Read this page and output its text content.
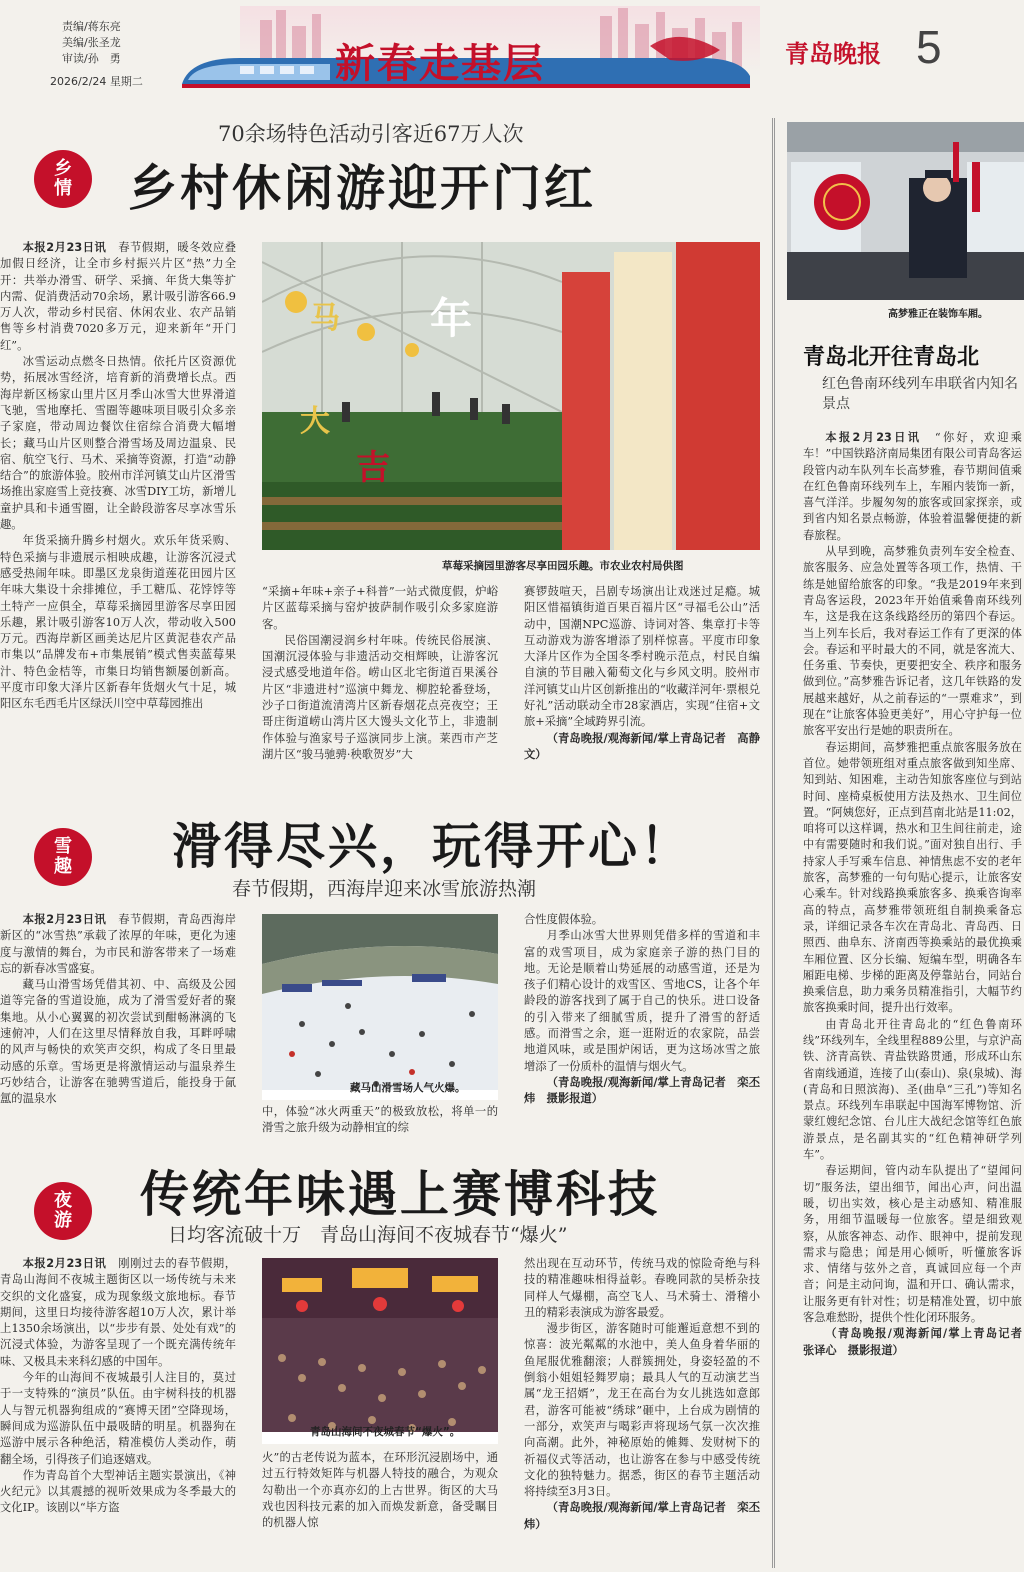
责编/蒋东亮
美编/张圣龙
审读/孙　勇
2026/2/24 星期二	新春走基层	青岛晚报 5
70余场特色活动引客近67万人次
乡
情	乡村休闲游迎开门红

本报2月23日讯　 春节假期，暖冬效应叠加假日经济，让全市乡村振兴片区“热”力全开：共举办滑雪、研学、采摘、年货大集等扩内需、促消费活动70余场，累计吸引游客66.9万人次，带动乡村民宿、休闲农业、农产品销售等乡村消费7020多万元，迎来新年“开门红”。

冰雪运动点燃冬日热情。依托片区资源优势，拓展冰雪经济，培育新的消费增长点。西海岸新区杨家山里片区月季山冰雪大世界滑道飞驰，雪地摩托、雪圈等趣味项目吸引众多亲子家庭，带动周边餐饮住宿综合消费大幅增长；藏马山片区则整合滑雪场及周边温泉、民宿、航空飞行、马术、采摘等资源，打造“动静结合”的旅游体验。胶州市洋河镇艾山片区滑雪场推出家庭雪上竞技赛、冰雪DIY工坊，新增儿童护具和卡通雪圈，让全龄段游客尽享冰雪乐趣。

年货采摘升腾乡村烟火。欢乐年货采购、特色采摘与非遗展示相映成趣，让游客沉浸式感受热闹年味。即墨区龙泉街道莲花田园片区年味大集设十余排摊位，手工糖瓜、花饽饽等土特产一应俱全，草莓采摘园里游客尽享田园乐趣，累计吸引游客10万人次，带动收入500万元。西海岸新区画美达尼片区黄泥巷农产品市集以“品牌发布+市集展销”模式售卖蓝莓果汁、特色金桔等，市集日均销售额屡创新高。平度市印象大泽片区新春年货烟火气十足，城阳区东毛西毛片区绿沃川空中草莓园推出

马 年
大
吉
草莓采摘园里游客尽享田园乐趣。市农业农村局供图

“采摘+年味+亲子+科普”一站式微度假，炉峪片区蓝莓采摘与窑炉披萨制作吸引众多家庭游客。

民俗国潮浸润乡村年味。传统民俗展演、国潮沉浸体验与非遗活动交相辉映，让游客沉浸式感受地道年俗。崂山区北宅街道百果溪谷片区“非遗进村”巡演中舞龙、柳腔轮番登场，沙子口街道流清湾片区新春烟花点亮夜空；王哥庄街道崂山湾片区大馒头文化节上，非遗制作体验与渔家号子巡演同步上演。莱西市产芝湖片区“骏马驰骋·秧歌贺岁”大

赛锣鼓喧天，吕剧专场演出让戏迷过足瘾。城阳区惜福镇街道百果百福片区“寻福毛公山”活动中，国潮NPC巡游、诗词对答、集章打卡等互动游戏为游客增添了别样惊喜。平度市印象大泽片区作为全国冬季村晚示范点，村民自编自演的节目融入葡萄文化与乡风文明。胶州市洋河镇艾山片区创新推出的“收藏洋河年·票根兑好礼”活动联动全市28家酒店，实现“住宿+文旅+采摘”全域跨界引流。

（青岛晚报/观海新闻/掌上青岛记者　高静文）

雪
趣	滑得尽兴，玩得开心！
春节假期，西海岸迎来冰雪旅游热潮

本报2月23日讯　 春节假期，青岛西海岸新区的“冰雪热”承载了浓厚的年味，更化为速度与激情的舞台，为市民和游客带来了一场难忘的新春冰雪盛宴。

藏马山滑雪场凭借其初、中、高级及公园道等完备的雪道设施，成为了滑雪爱好者的聚集地。从小心翼翼的初次尝试到酣畅淋漓的飞速俯冲，人们在这里尽情释放自我，耳畔呼啸的风声与畅快的欢笑声交织，构成了冬日里最动感的乐章。雪场更是将激情运动与温泉养生巧妙结合，让游客在驰骋雪道后，能投身于氤氲的温泉水

藏马山滑雪场人气火爆。

中，体验“冰火两重天”的极致放松，将单一的滑雪之旅升级为动静相宜的综

合性度假体验。

月季山冰雪大世界则凭借多样的雪道和丰富的戏雪项目，成为家庭亲子游的热门目的地。无论是顺着山势延展的动感雪道，还是为孩子们精心设计的戏雪区、雪地CS，让各个年龄段的游客找到了属于自己的快乐。进口设备的引入带来了细腻雪质，提升了滑雪的舒适感。而滑雪之余，逛一逛附近的农家院，品尝地道风味，或是围炉闲话，更为这场冰雪之旅增添了一份质朴的温情与烟火气。

（青岛晚报/观海新闻/掌上青岛记者　栾丕炜　摄影报道）

夜
游	传统年味遇上赛博科技
日均客流破十万　青岛山海间不夜城春节“爆火”

本报2月23日讯　 刚刚过去的春节假期，青岛山海间不夜城主题街区以一场传统与未来交织的文化盛宴，成为现象级文旅地标。春节期间，这里日均接待游客超10万人次，累计举上1350余场演出，以“步步有景、处处有戏”的沉浸式体验，为游客呈现了一个既充满传统年味、又极具未来科幻感的中国年。

今年的山海间不夜城最引人注目的，莫过于一支特殊的“演员”队伍。由宇树科技的机器人与智元机器狗组成的“赛博天团”空降现场，瞬间成为巡游队伍中最吸睛的明星。机器狗在巡游中展示各种绝活，精准模仿人类动作，萌翻全场，引得孩子们追逐嬉戏。

作为青岛首个大型神话主题实景演出，《神火纪元》以其震撼的视听效果成为冬季最大的文化IP。该剧以“毕方盗

青岛山海间不夜城春节“爆火”。

火”的古老传说为蓝本，在环形沉浸剧场中，通过五行特效矩阵与机器人特技的融合，为观众勾勒出一个亦真亦幻的上古世界。街区的大马戏也因科技元素的加入而焕发新意，备受瞩目的机器人惊

然出现在互动环节，传统马戏的惊险奇绝与科技的精准趣味相得益彰。春晚同款的吴桥杂技同样人气爆棚，高空飞人、马术骑士、滑稽小丑的精彩表演成为游客最爱。

漫步街区，游客随时可能邂逅意想不到的惊喜：波光粼粼的水池中，美人鱼身着华丽的鱼尾服优雅翻滚；人群簇拥处，身姿轻盈的不倒翁小姐姐轻舞罗扇；最具人气的互动演艺当属“龙王招婿”，龙王在高台为女儿挑选如意郎君，游客可能被“绣球”砸中，上台成为剧情的一部分，欢笑声与喝彩声将现场气氛一次次推向高潮。此外，神秘原始的傩舞、发财树下的祈福仪式等活动，也让游客在参与中感受传统文化的独特魅力。据悉，街区的春节主题活动将持续至3月3日。

（青岛晚报/观海新闻/掌上青岛记者　栾丕炜）

高梦雅正在装饰车厢。
青岛北开往青岛北
红色鲁南环线列车串联省内知名景点

本报2月23日讯　 “你好，欢迎乘车！”中国铁路济南局集团有限公司青岛客运段管内动车队列车长高梦雅，春节期间值乘在红色鲁南环线列车上，车厢内装饰一新，喜气洋洋。步履匆匆的旅客或回家探亲，或到省内知名景点畅游，体验着温馨便捷的新春旅程。

从早到晚，高梦雅负责列车安全检查、旅客服务、应急处置等各项工作，热情、干练是她留给旅客的印象。“我是2019年来到青岛客运段，2023年开始值乘鲁南环线列车，这是我在这条线路经历的第四个春运。当上列车长后，我对春运工作有了更深的体会。春运和平时最大的不同，就是客流大、任务重、节奏快，更要把安全、秩序和服务做到位。”高梦雅告诉记者，这几年铁路的发展越来越好，从之前春运的“一票难求”，到现在“让旅客体验更美好”，用心守护每一位旅客平安出行是她的职责所在。

春运期间，高梦雅把重点旅客服务放在首位。她带领班组对重点旅客做到知坐席、知到站、知困难，主动告知旅客座位与到站时间、座椅桌板使用方法及热水、卫生间位置。“阿姨您好，正点到莒南北站是11:02，咱将可以这样调，热水和卫生间往前走，途中有需要随时和我们说。”面对独自出行、手持家人手写乘车信息、神情焦虑不安的老年旅客，高梦雅的一句句贴心提示，让旅客安心乘车。针对线路换乘旅客多、换乘咨询率高的特点，高梦雅带领班组自制换乘备忘录，详细记录各车次在青岛北、青岛西、日照西、曲阜东、济南西等换乘站的最优换乘车厢位置、区分长编、短编车型，明确各车厢距电梯、步梯的距离及停靠站台，同站台换乘信息，助力乘务员精准指引，大幅节约旅客换乘时间，提升出行效率。

由青岛北开往青岛北的“红色鲁南环线”环线列车，全线里程889公里，与京沪高铁、济青高铁、青盐铁路贯通，形成环山东省南线通道，连接了山(泰山)、泉(泉城)、海(青岛和日照滨海)、圣(曲阜“三孔”)等知名景点。环线列车串联起中国海军博物馆、沂蒙红嫂纪念馆、台儿庄大战纪念馆等红色旅游景点，是名副其实的“红色精神研学列车”。

春运期间，管内动车队提出了“望闻问切”服务法，望出细节，闻出心声，问出温暖，切出实效，核心是主动感知、精准服务，用细节温暖每一位旅客。望是细致观察，从旅客神态、动作、眼神中，提前发现需求与隐患；闻是用心倾听，听懂旅客诉求、情绪与弦外之音，真诚回应每一个声音；问是主动问询，温和开口、确认需求，让服务更有针对性；切是精准处置，切中旅客急难愁盼，提供个性化闭环服务。

（青岛晚报/观海新闻/掌上青岛记者　张译心　摄影报道）
